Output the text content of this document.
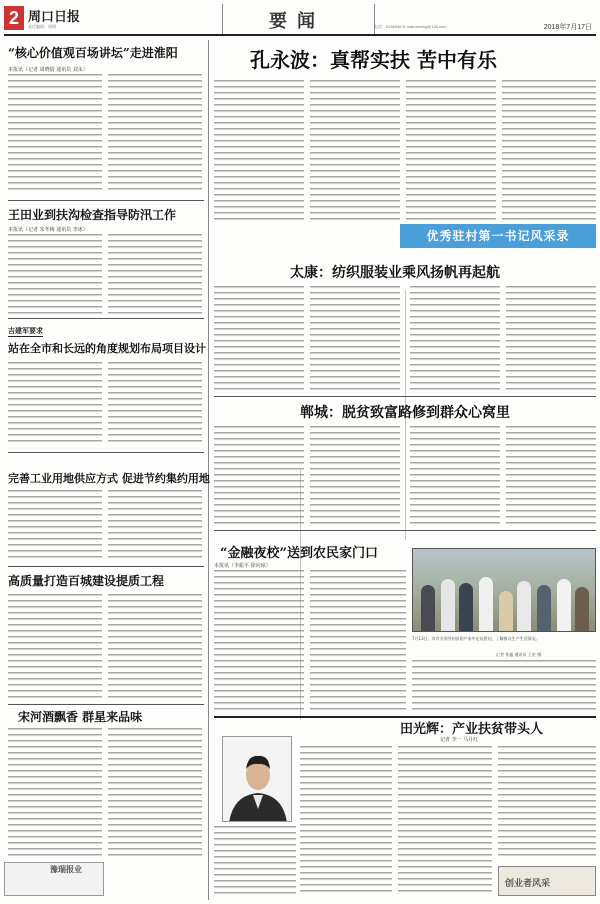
2 周口日报
责任编辑：周翔	要闻	电话：5156936 E-mail:zkrbhg@126.com	2018年7月17日
“核心价值观百场讲坛”走进淮阳
本报讯（记者 周晓倩 通讯员 刘永）
王田业到扶沟检查指导防汛工作
本报讯（记者 朱冬梅 通讯员 李冰）
吉建军要求
站在全市和长远的角度规划布局项目设计
完善工业用地供应方式 促进节约集约用地
高质量打造百城建设提质工程
宋河酒飘香 群星来品味
豫瑞报业
孔永波：真帮实扶 苦中有乐
优秀驻村第一书记风采录
太康：纺织服装业乘风扬帆再起航
郸城：脱贫致富路修到群众心窝里
“金融夜校”送到农民家门口
本报讯（李振平 徐向琼）
7月13日，市有关领导到贫困户家中走访慰问，了解群众生产生活情况。
记者 张猛 通讯员 王宏 摄
田光辉：产业扶贫带头人
记者 李一 马月红
创业者风采
